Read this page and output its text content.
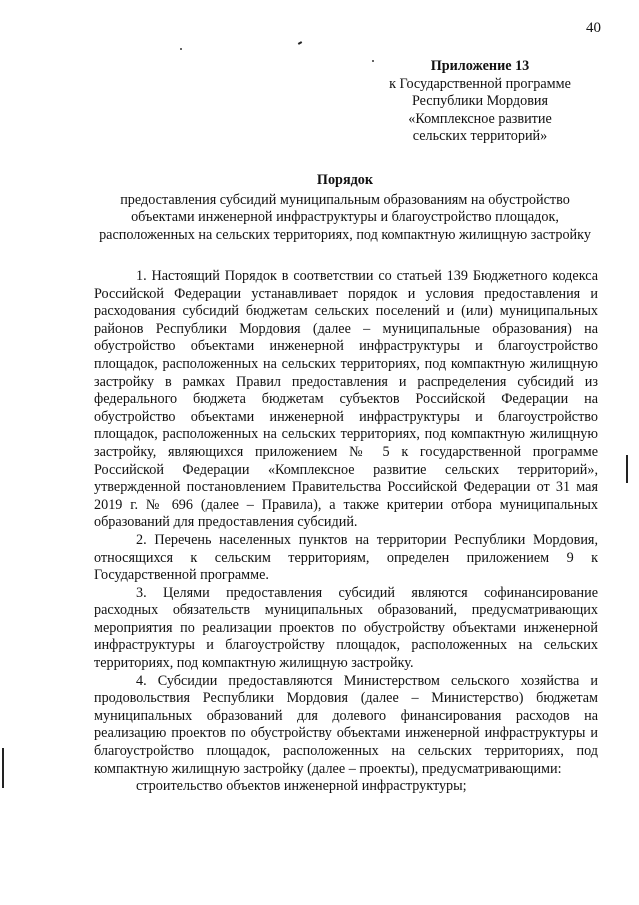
40
Приложение 13
к Государственной программе
Республики Мордовия
«Комплексное развитие
сельских территорий»
Порядок
предоставления субсидий муниципальным образованиям на обустройство объектами инженерной инфраструктуры и благоустройство площадок, расположенных на сельских территориях, под компактную жилищную застройку

1. Настоящий Порядок в соответствии со статьей 139 Бюджетного кодекса Российской Федерации устанавливает порядок и условия предоставления и расходования субсидий бюджетам сельских поселений и (или) муниципальных районов Республики Мордовия (далее – муниципальные образования) на обустройство объектами инженерной инфраструктуры и благоустройство площадок, расположенных на сельских территориях, под компактную жилищную застройку в рамках Правил предоставления и распределения субсидий из федерального бюджета бюджетам субъектов Российской Федерации на обустройство объектами инженерной инфраструктуры и благоустройство площадок, расположенных на сельских территориях, под компактную жилищную застройку, являющихся приложением № 5 к государственной программе Российской Федерации «Комплексное развитие сельских территорий», утвержденной постановлением Правительства Российской Федерации от 31 мая 2019 г. № 696 (далее – Правила), а также критерии отбора муниципальных образований для предоставления субсидий.

2. Перечень населенных пунктов на территории Республики Мордовия, относящихся к сельским территориям, определен приложением 9 к Государственной программе.

3. Целями предоставления субсидий являются софинансирование расходных обязательств муниципальных образований, предусматривающих мероприятия по реализации проектов по обустройству объектами инженерной инфраструктуры и благоустройству площадок, расположенных на сельских территориях, под компактную жилищную застройку.

4. Субсидии предоставляются Министерством сельского хозяйства и продовольствия Республики Мордовия (далее – Министерство) бюджетам муниципальных образований для долевого финансирования расходов на реализацию проектов по обустройству объектами инженерной инфраструктуры и благоустройство площадок, расположенных на сельских территориях, под компактную жилищную застройку (далее – проекты), предусматривающими:

строительство объектов инженерной инфраструктуры;
